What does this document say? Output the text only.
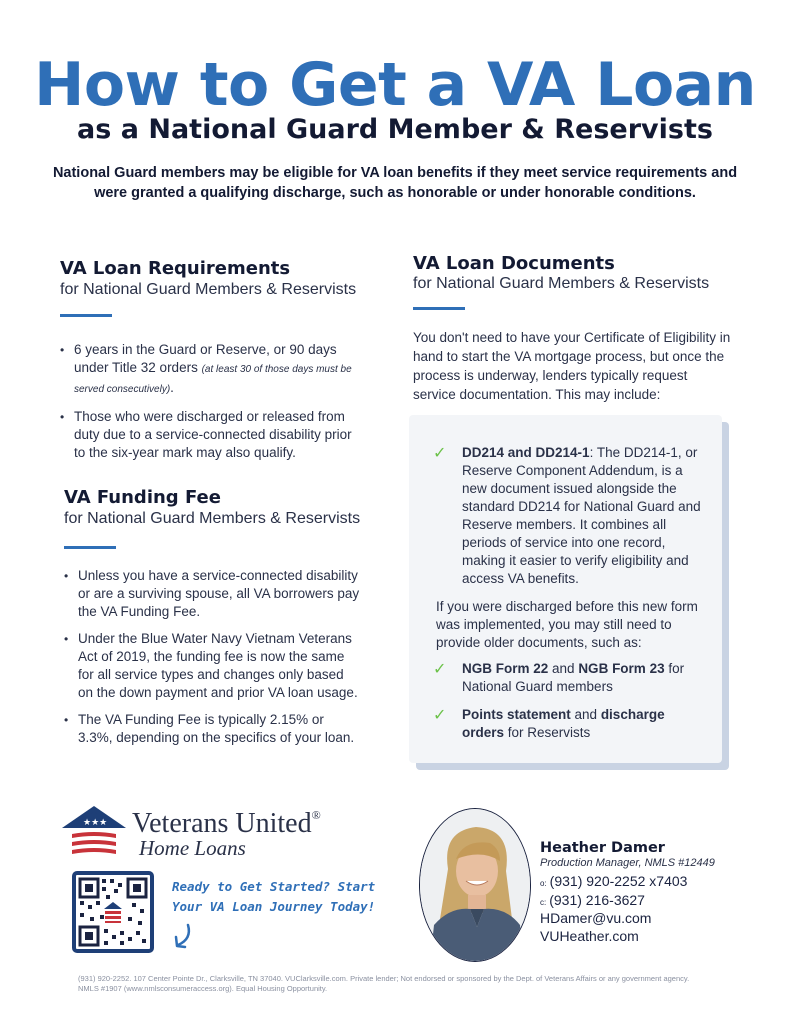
How to Get a VA Loan
as a National Guard Member & Reservists
National Guard members may be eligible for VA loan benefits if they meet service requirements and were granted a qualifying discharge, such as honorable or under honorable conditions.
VA Loan Requirements
for National Guard Members & Reservists
• 6 years in the Guard or Reserve, or 90 days under Title 32 orders (at least 30 of those days must be served consecutively).
• Those who were discharged or released from duty due to a service-connected disability prior to the six-year mark may also qualify.
VA Funding Fee
for National Guard Members & Reservists
• Unless you have a service-connected disability or are a surviving spouse, all VA borrowers pay the VA Funding Fee.
• Under the Blue Water Navy Vietnam Veterans Act of 2019, the funding fee is now the same for all service types and changes only based on the down payment and prior VA loan usage.
• The VA Funding Fee is typically 2.15% or 3.3%, depending on the specifics of your loan.
VA Loan Documents
for National Guard Members & Reservists
You don't need to have your Certificate of Eligibility in hand to start the VA mortgage process, but once the process is underway, lenders typically request service documentation. This may include:
✓ DD214 and DD214-1: The DD214-1, or Reserve Component Addendum, is a new document issued alongside the standard DD214 for National Guard and Reserve members. It combines all periods of service into one record, making it easier to verify eligibility and access VA benefits.
If you were discharged before this new form was implemented, you may still need to provide older documents, such as:
✓ NGB Form 22 and NGB Form 23 for National Guard members
✓ Points statement and discharge orders for Reservists
★★★ Veterans United®
Home Loans
Ready to Get Started? Start
Your VA Loan Journey Today!
Heather Damer
Production Manager, NMLS #12449
o: (931) 920-2252 x7403
c: (931) 216-3627
HDamer@vu.com
VUHeather.com
(931) 920-2252. 107 Center Pointe Dr., Clarksville, TN 37040. VUClarksville.com. Private lender; Not endorsed or sponsored by the Dept. of Veterans Affairs or any government agency.
NMLS #1907 (www.nmlsconsumeraccess.org). Equal Housing Opportunity.
